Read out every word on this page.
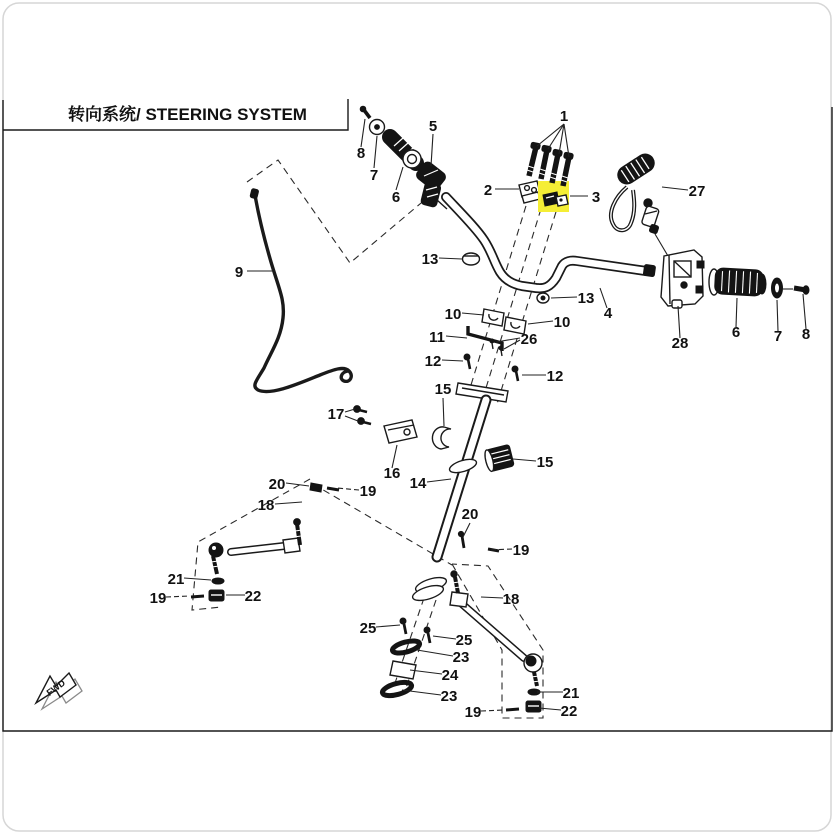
转向系统/ STEERING SYSTEM
FWD
8
7
6
5
1
2	3	27
13
13
4
10	10
11	26
12
12
15
15
17
16
14
9
28
6 7 8
20	19
18
21
19	22
20
19
18
25
25
23
24
23	21
22
19
